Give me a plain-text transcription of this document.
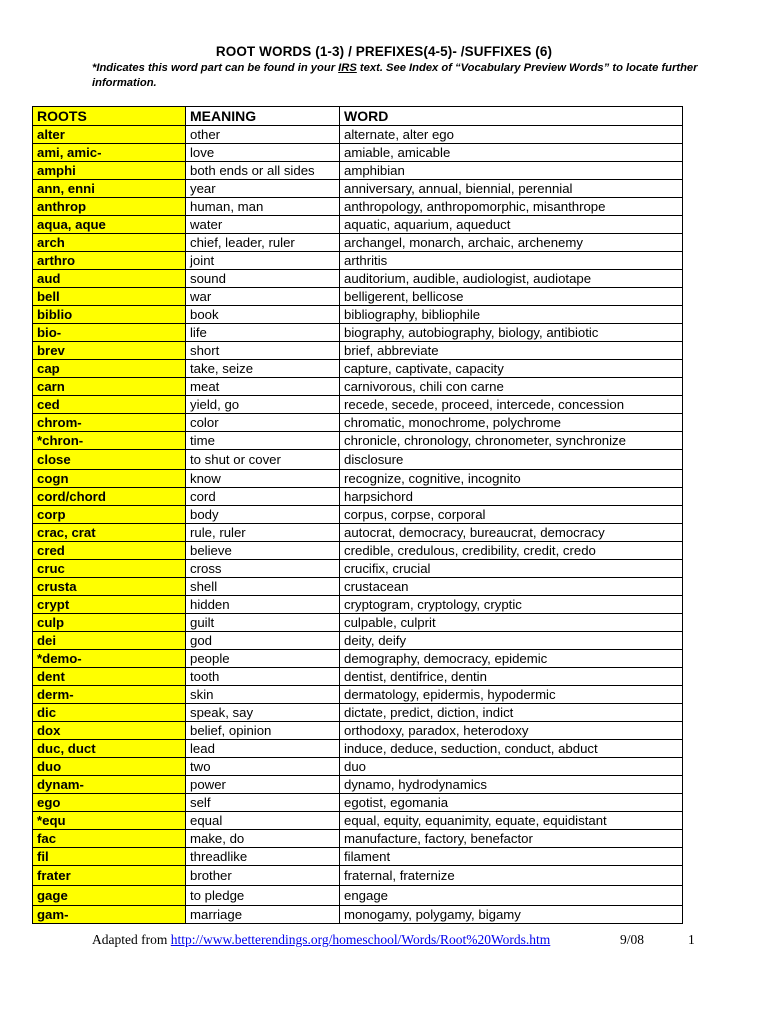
ROOT WORDS (1-3) / PREFIXES(4-5)- /SUFFIXES (6)
*Indicates this word part can be found in your IRS text. See Index of “Vocabulary Preview Words” to locate further information.
ROOTS	MEANING	WORD
alter	other	alternate, alter ego
ami, amic-	love	amiable, amicable
amphi	both ends or all sides	amphibian
ann, enni	year	anniversary, annual, biennial, perennial
anthrop	human, man	anthropology, anthropomorphic, misanthrope
aqua, aque	water	aquatic, aquarium, aqueduct
arch	chief, leader, ruler	archangel, monarch, archaic, archenemy
arthro	joint	arthritis
aud	sound	auditorium, audible, audiologist, audiotape
bell	war	belligerent, bellicose
biblio	book	bibliography, bibliophile
bio-	life	biography, autobiography, biology, antibiotic
brev	short	brief, abbreviate
cap	take, seize	capture, captivate, capacity
carn	meat	carnivorous, chili con carne
ced	yield, go	recede, secede, proceed, intercede, concession
chrom-	color	chromatic, monochrome, polychrome
*chron-	time	chronicle, chronology, chronometer, synchronize
close	to shut or cover	disclosure
cogn	know	recognize, cognitive, incognito
cord/chord	cord	harpsichord
corp	body	corpus, corpse, corporal
crac, crat	rule, ruler	autocrat, democracy, bureaucrat, democracy
cred	believe	credible, credulous, credibility, credit, credo
cruc	cross	crucifix, crucial
crusta	shell	crustacean
crypt	hidden	cryptogram, cryptology, cryptic
culp	guilt	culpable, culprit
dei	god	deity, deify
*demo-	people	demography, democracy, epidemic
dent	tooth	dentist, dentifrice, dentin
derm-	skin	dermatology, epidermis, hypodermic
dic	speak, say	dictate, predict, diction, indict
dox	belief, opinion	orthodoxy, paradox, heterodoxy
duc, duct	lead	induce, deduce, seduction, conduct, abduct
duo	two	duo
dynam-	power	dynamo, hydrodynamics
ego	self	egotist, egomania
*equ	equal	equal, equity, equanimity, equate, equidistant
fac	make, do	manufacture, factory, benefactor
fil	threadlike	filament
frater	brother	fraternal, fraternize
gage	to pledge	engage
gam-	marriage	monogamy, polygamy, bigamy
Adapted from http://www.betterendings.org/homeschool/Words/Root%20Words.htm	9/08	1
